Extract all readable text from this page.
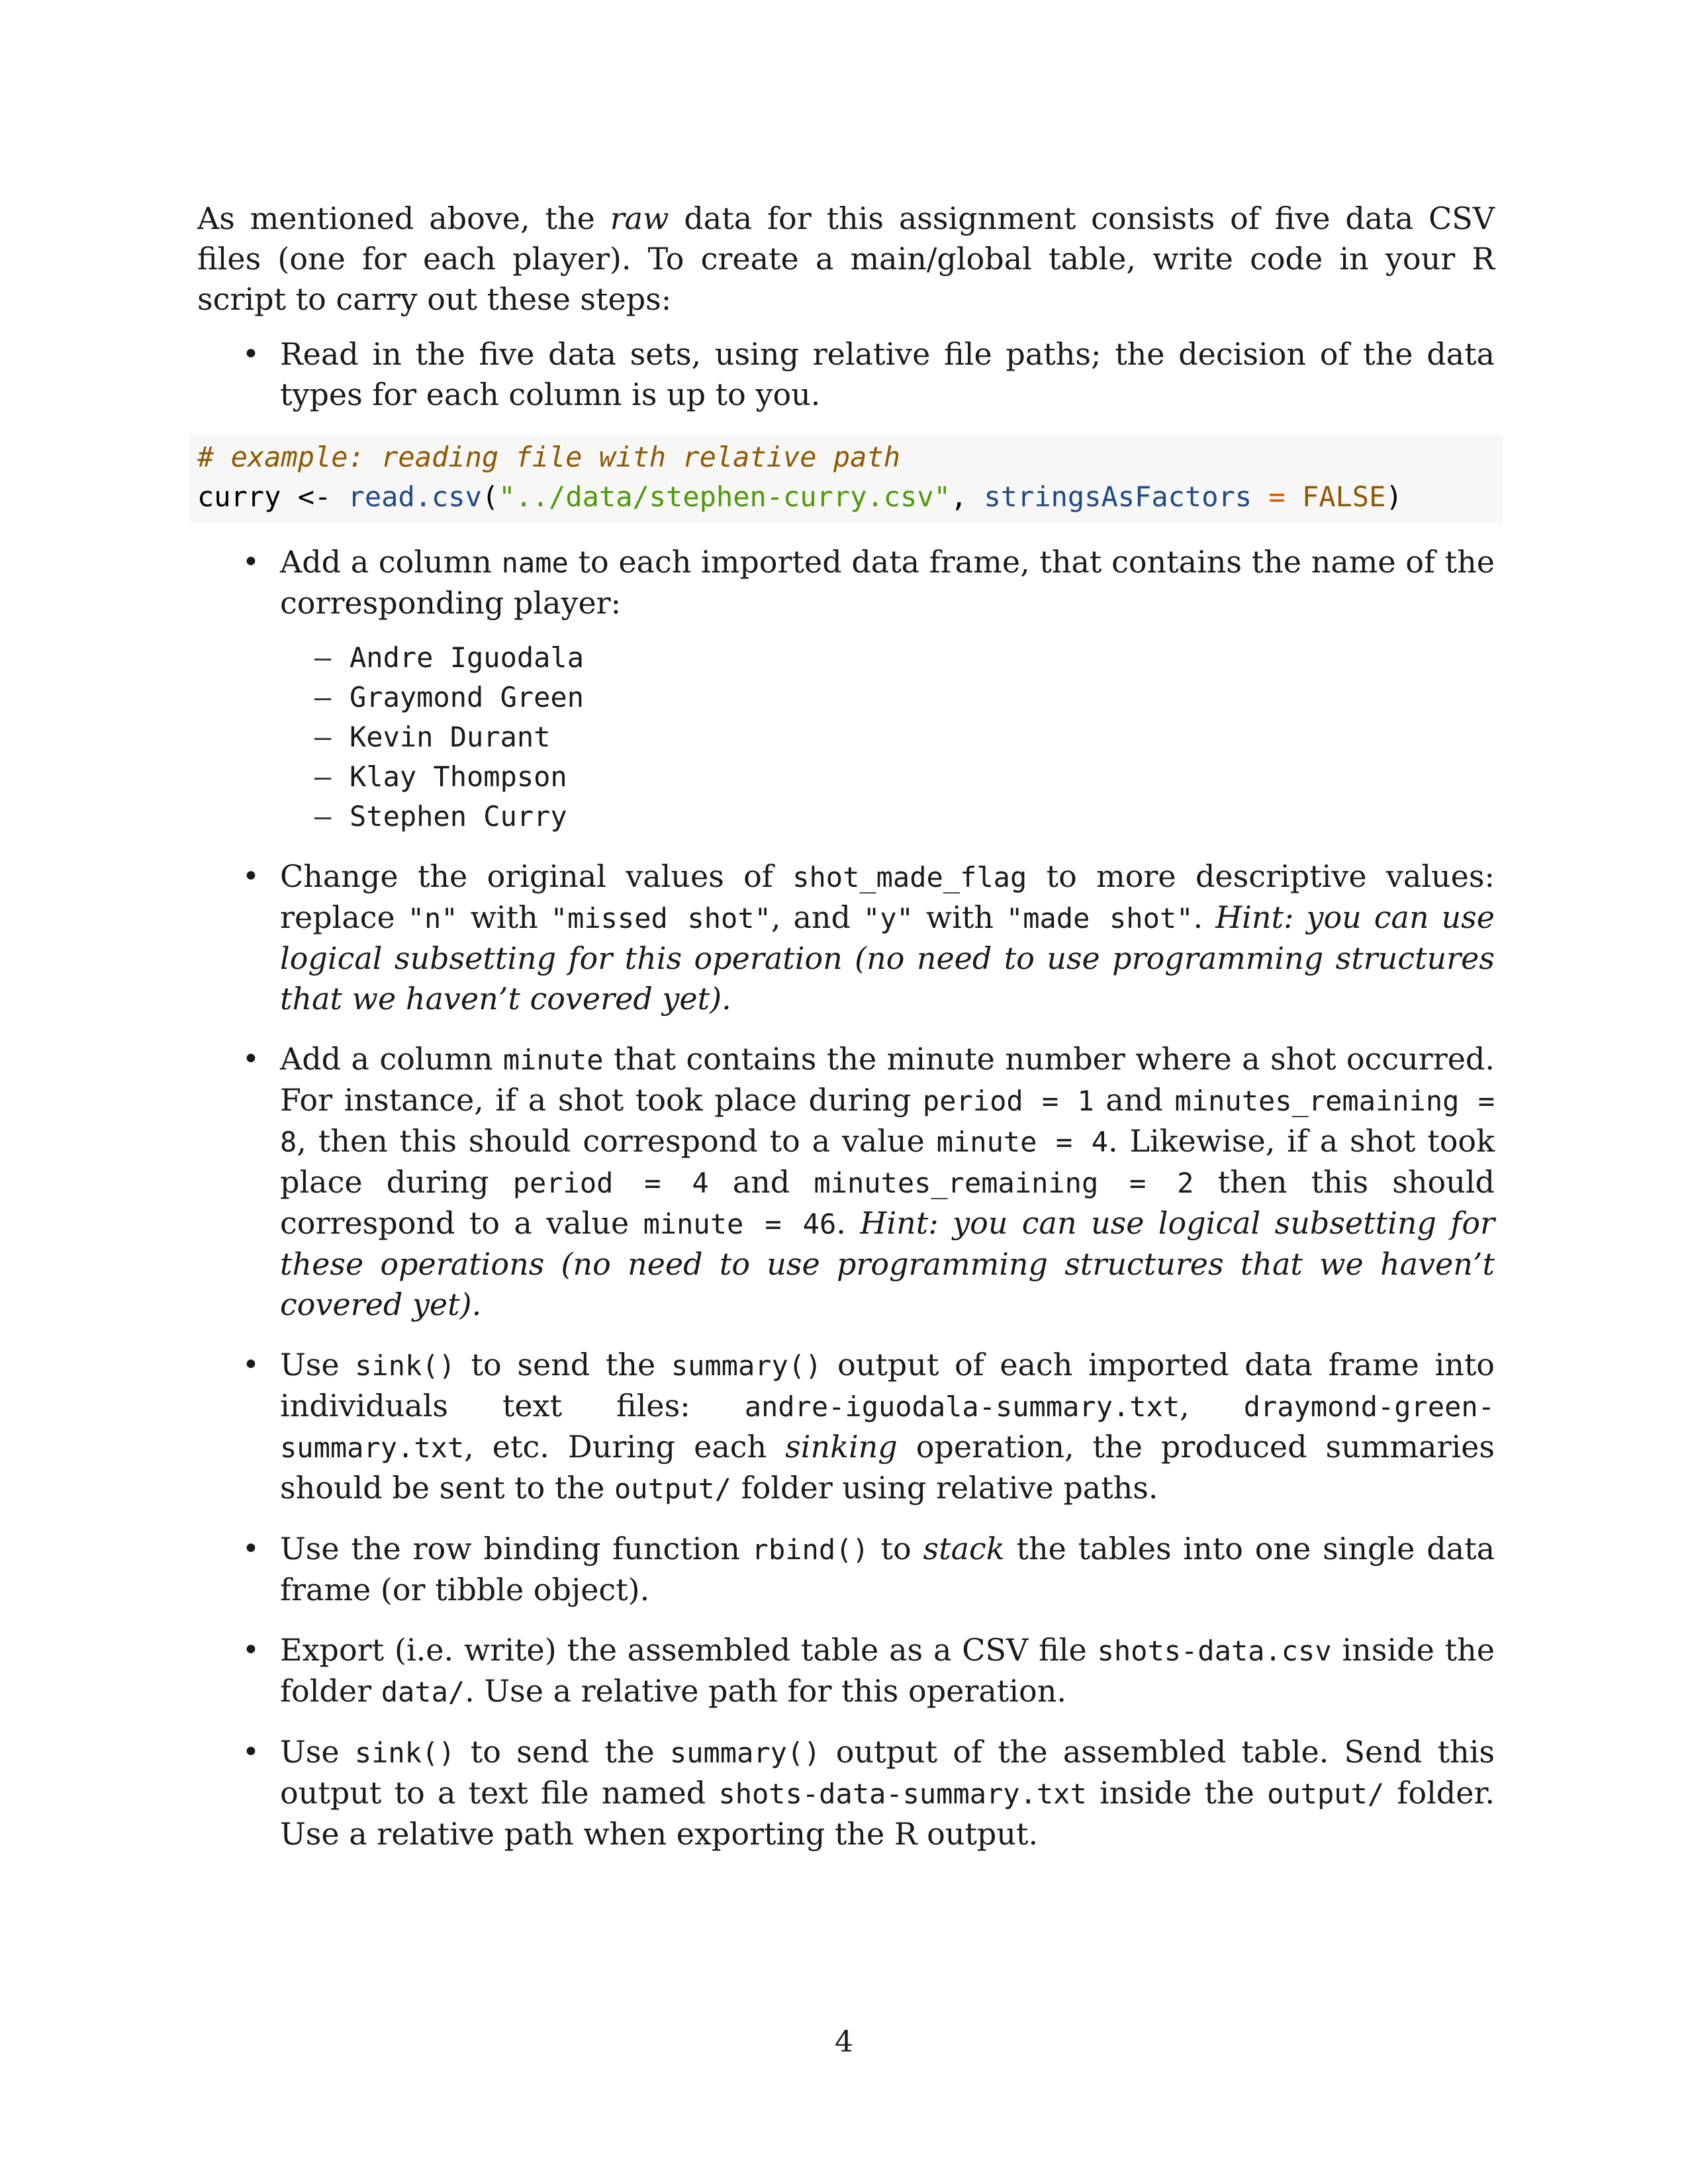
As mentioned above, the raw data for this assignment consists of five data CSV files (one for each player). To create a main/global table, write code in your R script to carry out these steps:

• Read in the five data sets, using relative file paths; the decision of the data types for each column is up to you.
# example: reading file with relative path
curry <- read.csv("../data/stephen-curry.csv", stringsAsFactors = FALSE)
• Add a column name to each imported data frame, that contains the name of the corresponding player:
– Andre Iguodala
– Graymond Green
– Kevin Durant
– Klay Thompson
– Stephen Curry
• Change the original values of shot_made_flag to more descriptive values: replace "n" with "missed shot", and "y" with "made shot". Hint: you can use logical subsetting for this operation (no need to use programming structures that we haven’t covered yet).
• Add a column minute that contains the minute number where a shot occurred. For instance, if a shot took place during period = 1 and minutes_remaining = 8, then this should correspond to a value minute = 4. Likewise, if a shot took place during period = 4 and minutes_remaining = 2 then this should correspond to a value minute = 46. Hint: you can use logical subsetting for these operations (no need to use programming structures that we haven’t covered yet).
• Use sink() to send the summary() output of each imported data frame into individuals text files: andre-iguodala-summary.txt, draymond-green-summary.txt, etc. During each sinking operation, the produced summaries should be sent to the output/ folder using relative paths.
• Use the row binding function rbind() to stack the tables into one single data frame (or tibble object).
• Export (i.e. write) the assembled table as a CSV file shots-data.csv inside the folder data/. Use a relative path for this operation.
• Use sink() to send the summary() output of the assembled table. Send this output to a text file named shots-data-summary.txt inside the output/ folder. Use a relative path when exporting the R output.
4
